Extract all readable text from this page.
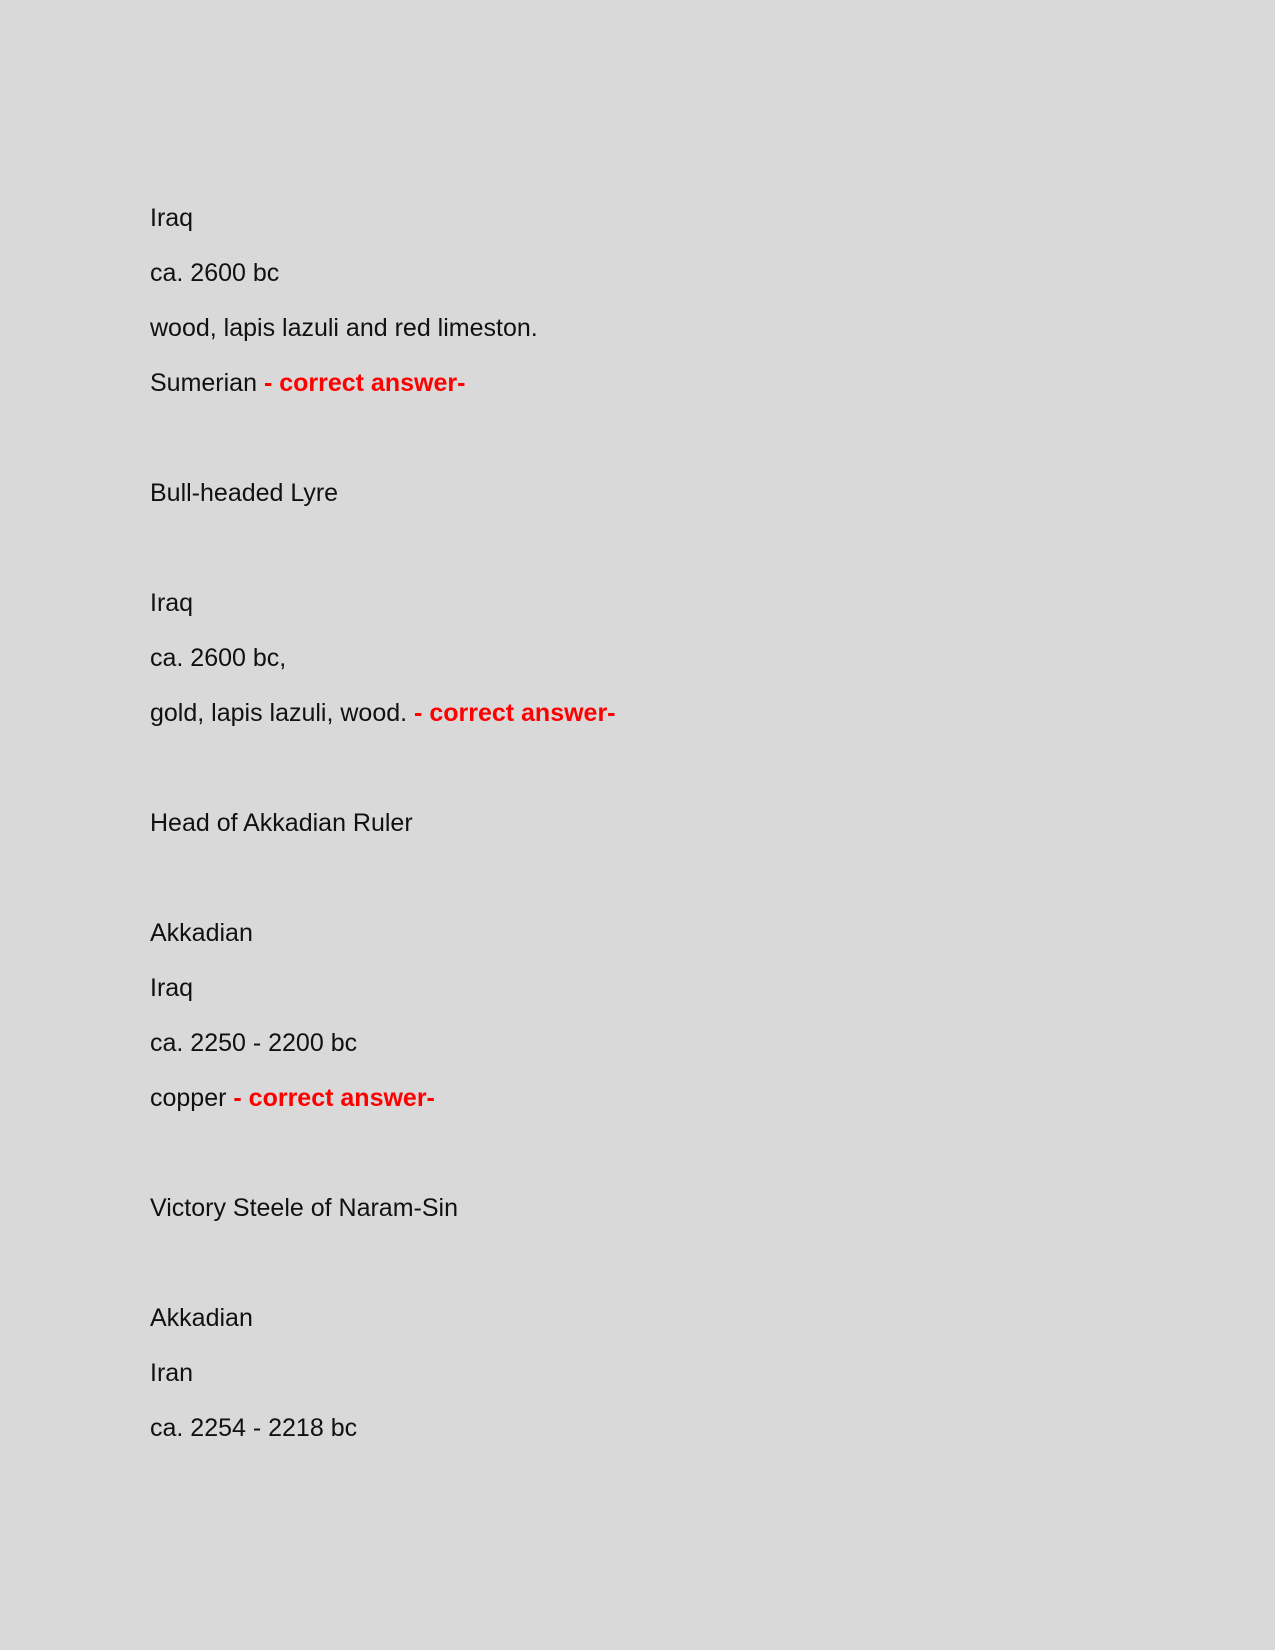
Iraq
ca. 2600 bc
wood, lapis lazuli and red limeston.
Sumerian - correct answer-
Bull-headed Lyre
Iraq
ca. 2600 bc,
gold, lapis lazuli, wood. - correct answer-
Head of Akkadian Ruler
Akkadian
Iraq
ca. 2250 - 2200 bc
copper - correct answer-
Victory Steele of Naram-Sin
Akkadian
Iran
ca. 2254 - 2218 bc
